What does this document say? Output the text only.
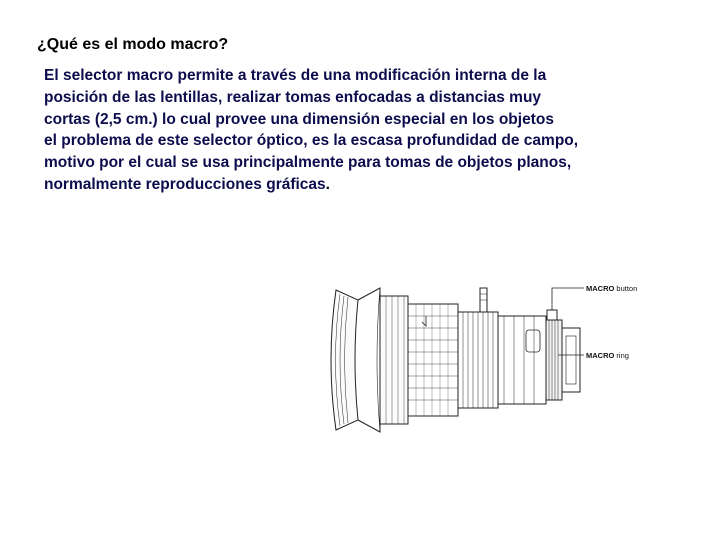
¿Qué es el modo macro?

El selector macro permite a través de una modificación interna de la
posición de las lentillas, realizar tomas enfocadas a distancias muy
cortas (2,5 cm.) lo cual provee una dimensión especial en los objetos
el problema de este selector óptico, es la escasa profundidad de campo,
motivo por el cual se usa principalmente para tomas de objetos planos,
normalmente reproducciones gráficas.

MACRO button
MACRO ring
